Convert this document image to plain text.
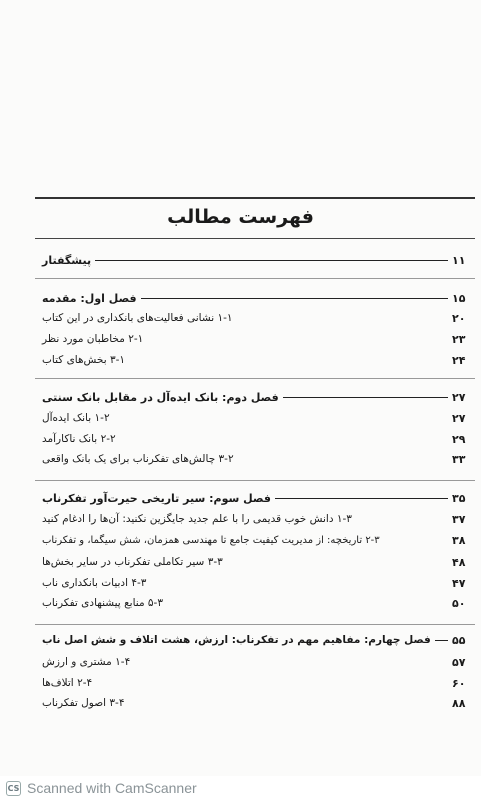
فهرست مطالب
پیشگفتار	۱۱
فصل اول: مقدمه	۱۵
۱-۱ نشانی فعالیت‌های بانکداری در این کتاب	۲۰
۲-۱ مخاطبان مورد نظر	۲۳
۳-۱ بخش‌های کتاب	۲۴
فصل دوم: بانک ایده‌آل در مقابل بانک سنتی	۲۷
۱-۲ بانک ایده‌آل	۲۷
۲-۲ بانک ناکارآمد	۲۹
۳-۲ چالش‌های تفکرناب برای یک بانک واقعی	۳۳
فصل سوم: سیر تاریخی حیرت‌آور تفکرناب	۳۵
۱-۳ دانش خوب قدیمی را با علم جدید جایگزین نکنید: آن‌ها را ادغام کنید	۳۷
۲-۳ تاریخچه: از مدیریت کیفیت جامع تا مهندسی همزمان، شش سیگما، و تفکرناب	۳۸
۳-۳ سیر تکاملی تفکرناب در سایر بخش‌ها	۴۸
۴-۳ ادبیات بانکداری ناب	۴۷
۵-۳ منابع پیشنهادی تفکرناب	۵۰
فصل چهارم: مفاهیم مهم در تفکرناب: ارزش، هشت اتلاف و شش اصل ناب ۵۵
۱-۴ مشتری و ارزش	۵۷
۲-۴ اتلاف‌ها	۶۰
۳-۴ اصول تفکرناب	۸۸
CS Scanned with CamScanner
